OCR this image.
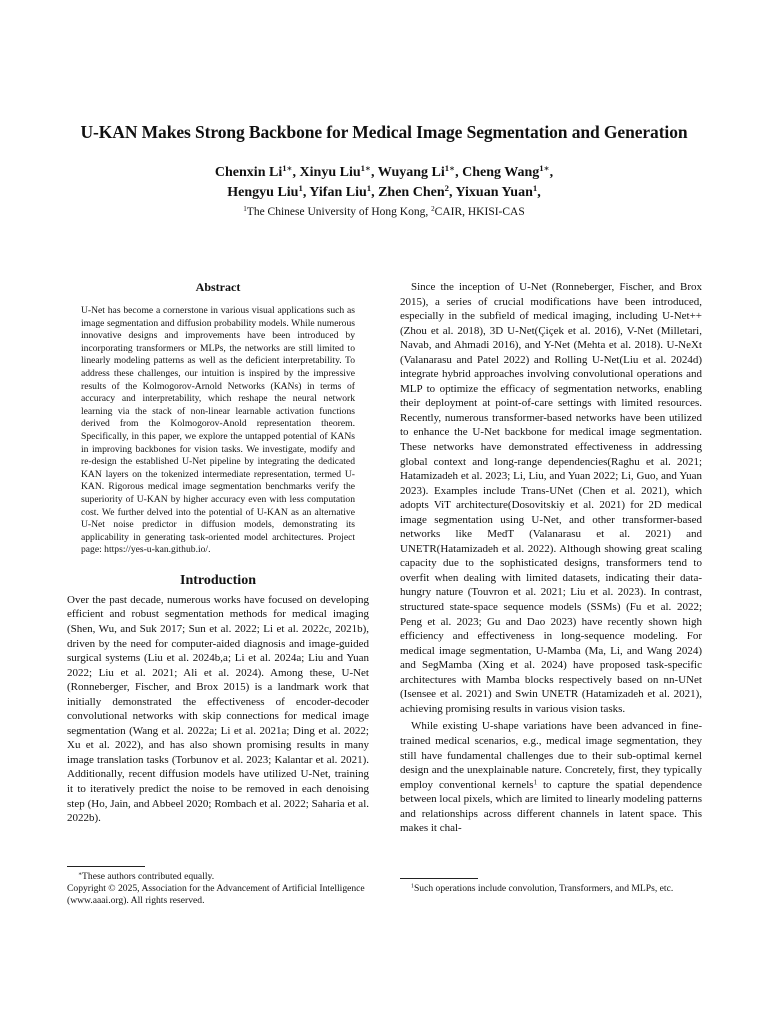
U-KAN Makes Strong Backbone for Medical Image Segmentation and Generation
Chenxin $Li^{1∗}$, Xinyu Liu$^{1∗}$, Wuyang $Li^{1∗}$, Cheng Wang$^{1∗}$,
Hengyu Liu$^1$, Yifan Liu$^1$, Zhen Chen$^2$, Yixuan Yuan$^1$,
$^1$The Chinese University of Hong Kong, $^2$CAIR, HKISI-CAS
Abstract
U-Net has become a cornerstone in various visual applications such as image segmentation and diffusion probability models. While numerous innovative designs and improvements have been introduced by incorporating transformers or MLPs, the networks are still limited to linearly modeling patterns as well as the deficient interpretability. To address these challenges, our intuition is inspired by the impressive results of the Kolmogorov-Arnold Networks (KANs) in terms of accuracy and interpretability, which reshape the neural network learning via the stack of non-linear learnable activation functions derived from the Kolmogorov-Anold representation theorem. Specifically, in this paper, we explore the untapped potential of KANs in improving backbones for vision tasks. We investigate, modify and re-design the established U-Net pipeline by integrating the dedicated KAN layers on the tokenized intermediate representation, termed U-KAN. Rigorous medical image segmentation benchmarks verify the superiority of U-KAN by higher accuracy even with less computation cost. We further delved into the potential of U-KAN as an alternative U-Net noise predictor in diffusion models, demonstrating its applicability in generating task-oriented model architectures. Project page: https://yes-u-kan.github.io/.
Introduction

Over the past decade, numerous works have focused on developing efficient and robust segmentation methods for medical imaging (Shen, Wu, and Suk 2017; Sun et al. 2022; Li et al. 2022c, 2021b), driven by the need for computer-aided diagnosis and image-guided surgical systems (Liu et al. 2024b,a; Li et al. 2024a; Liu and Yuan 2022; Liu et al. 2021; Ali et al. 2024). Among these, U-Net (Ronneberger, Fischer, and Brox 2015) is a landmark work that initially demonstrated the effectiveness of encoder-decoder convolutional networks with skip connections for medical image segmentation (Wang et al. 2022a; Li et al. 2021a; Ding et al. 2022; Xu et al. 2022), and has also shown promising results in many image translation tasks (Torbunov et al. 2023; Kalantar et al. 2021). Additionally, recent diffusion models have utilized U-Net, training it to iteratively predict the noise to be removed in each denoising step (Ho, Jain, and Abbeel 2020; Rombach et al. 2022; Saharia et al. 2022b).

Since the inception of U-Net (Ronneberger, Fischer, and Brox 2015), a series of crucial modifications have been introduced, especially in the subfield of medical imaging, including U-Net++(Zhou et al. 2018), 3D U-Net(Çiçek et al. 2016), V-Net (Milletari, Navab, and Ahmadi 2016), and Y-Net (Mehta et al. 2018). U-NeXt (Valanarasu and Patel 2022) and Rolling U-Net(Liu et al. 2024d) integrate hybrid approaches involving convolutional operations and MLP to optimize the efficacy of segmentation networks, enabling their deployment at point-of-care settings with limited resources. Recently, numerous transformer-based networks have been utilized to enhance the U-Net backbone for medical image segmentation. These networks have demonstrated effectiveness in addressing global context and long-range dependencies(Raghu et al. 2021; Hatamizadeh et al. 2023; Li, Liu, and Yuan 2022; Li, Guo, and Yuan 2023). Examples include Trans-UNet (Chen et al. 2021), which adopts ViT architecture(Dosovitskiy et al. 2021) for 2D medical image segmentation using U-Net, and other transformer-based networks like MedT (Valanarasu et al. 2021) and UNETR(Hatamizadeh et al. 2022). Although showing great scaling capacity due to the sophisticated designs, transformers tend to overfit when dealing with limited datasets, indicating their data-hungry nature (Touvron et al. 2021; Liu et al. 2023). In contrast, structured state-space sequence models (SSMs) (Fu et al. 2022; Peng et al. 2023; Gu and Dao 2023) have recently shown high efficiency and effectiveness in long-sequence modeling. For medical image segmentation, U-Mamba (Ma, Li, and Wang 2024) and SegMamba (Xing et al. 2024) have proposed task-specific architectures with Mamba blocks respectively based on nn-UNet (Isensee et al. 2021) and Swin UNETR (Hatamizadeh et al. 2021), achieving promising results in various vision tasks.

While existing U-shape variations have been advanced in fine-trained medical scenarios, e.g., medical image segmentation, they still have fundamental challenges due to their sub-optimal kernel design and the unexplainable nature. Concretely, first, they typically employ conventional kernels$^1$ to capture the spatial dependence between local pixels, which are limited to linearly modeling patterns and relationships across different channels in latent space. This makes it chal-

∗These authors contributed equally.

Copyright © 2025, Association for the Advancement of Artificial Intelligence (www.aaai.org). All rights reserved.

$^1$Such operations include convolution, Transformers, and MLPs, etc.
